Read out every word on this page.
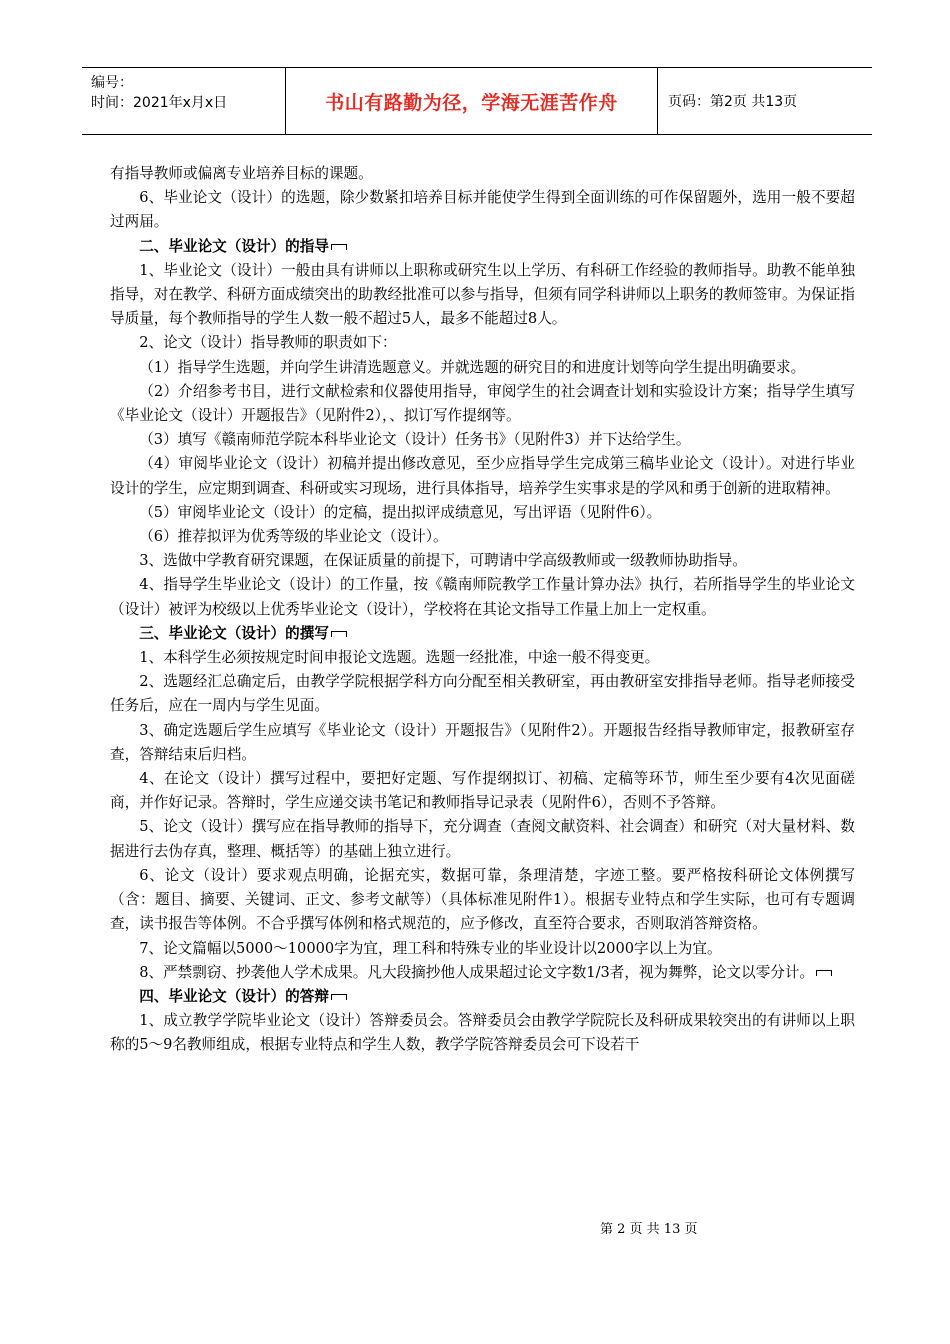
编号：
时间：2021年x月x日	书山有路勤为径，学海无涯苦作舟	页码：第2页 共13页

有指导教师或偏离专业培养目标的课题。

6、毕业论文（设计）的选题，除少数紧扣培养目标并能使学生得到全面训练的可作保留题外，选用一般不要超过两届。

二、毕业论文（设计）的指导

1、毕业论文（设计）一般由具有讲师以上职称或研究生以上学历、有科研工作经验的教师指导。助教不能单独指导，对在教学、科研方面成绩突出的助教经批准可以参与指导，但须有同学科讲师以上职务的教师签审。为保证指导质量，每个教师指导的学生人数一般不超过5人，最多不能超过8人。

2、论文（设计）指导教师的职责如下：

（1）指导学生选题，并向学生讲清选题意义。并就选题的研究目的和进度计划等向学生提出明确要求。

（2）介绍参考书目，进行文献检索和仪器使用指导，审阅学生的社会调查计划和实验设计方案；指导学生填写《毕业论文（设计）开题报告》（见附件2），、拟订写作提纲等。

（3）填写《赣南师范学院本科毕业论文（设计）任务书》（见附件3）并下达给学生。

（4）审阅毕业论文（设计）初稿并提出修改意见，至少应指导学生完成第三稿毕业论文（设计）。对进行毕业设计的学生，应定期到调查、科研或实习现场，进行具体指导，培养学生实事求是的学风和勇于创新的进取精神。

（5）审阅毕业论文（设计）的定稿，提出拟评成绩意见，写出评语（见附件6）。

（6）推荐拟评为优秀等级的毕业论文（设计）。

3、选做中学教育研究课题，在保证质量的前提下，可聘请中学高级教师或一级教师协助指导。

4、指导学生毕业论文（设计）的工作量，按《赣南师院教学工作量计算办法》执行，若所指导学生的毕业论文（设计）被评为校级以上优秀毕业论文（设计），学校将在其论文指导工作量上加上一定权重。

三、毕业论文（设计）的撰写

1、本科学生必须按规定时间申报论文选题。选题一经批准，中途一般不得变更。

2、选题经汇总确定后，由教学学院根据学科方向分配至相关教研室，再由教研室安排指导老师。指导老师接受任务后，应在一周内与学生见面。

3、确定选题后学生应填写《毕业论文（设计）开题报告》（见附件2）。开题报告经指导教师审定，报教研室存查，答辩结束后归档。

4、在论文（设计）撰写过程中，要把好定题、写作提纲拟订、初稿、定稿等环节，师生至少要有4次见面磋商，并作好记录。答辩时，学生应递交读书笔记和教师指导记录表（见附件6），否则不予答辩。

5、论文（设计）撰写应在指导教师的指导下，充分调查（查阅文献资料、社会调查）和研究（对大量材料、数据进行去伪存真，整理、概括等）的基础上独立进行。

6、论文（设计）要求观点明确，论据充实，数据可靠，条理清楚，字迹工整。要严格按科研论文体例撰写（含：题目、摘要、关键词、正文、参考文献等）（具体标准见附件1）。根据专业特点和学生实际，也可有专题调查，读书报告等体例。不合乎撰写体例和格式规范的，应予修改，直至符合要求，否则取消答辩资格。

7、论文篇幅以5000～10000字为宜，理工科和特殊专业的毕业设计以2000字以上为宜。

8、严禁剽窃、抄袭他人学术成果。凡大段摘抄他人成果超过论文字数1/3者，视为舞弊，论文以零分计。

四、毕业论文（设计）的答辩

1、成立教学学院毕业论文（设计）答辩委员会。答辩委员会由教学学院院长及科研成果较突出的有讲师以上职称的5～9名教师组成，根据专业特点和学生人数，教学学院答辩委员会可下设若干

第 2 页 共 13 页
